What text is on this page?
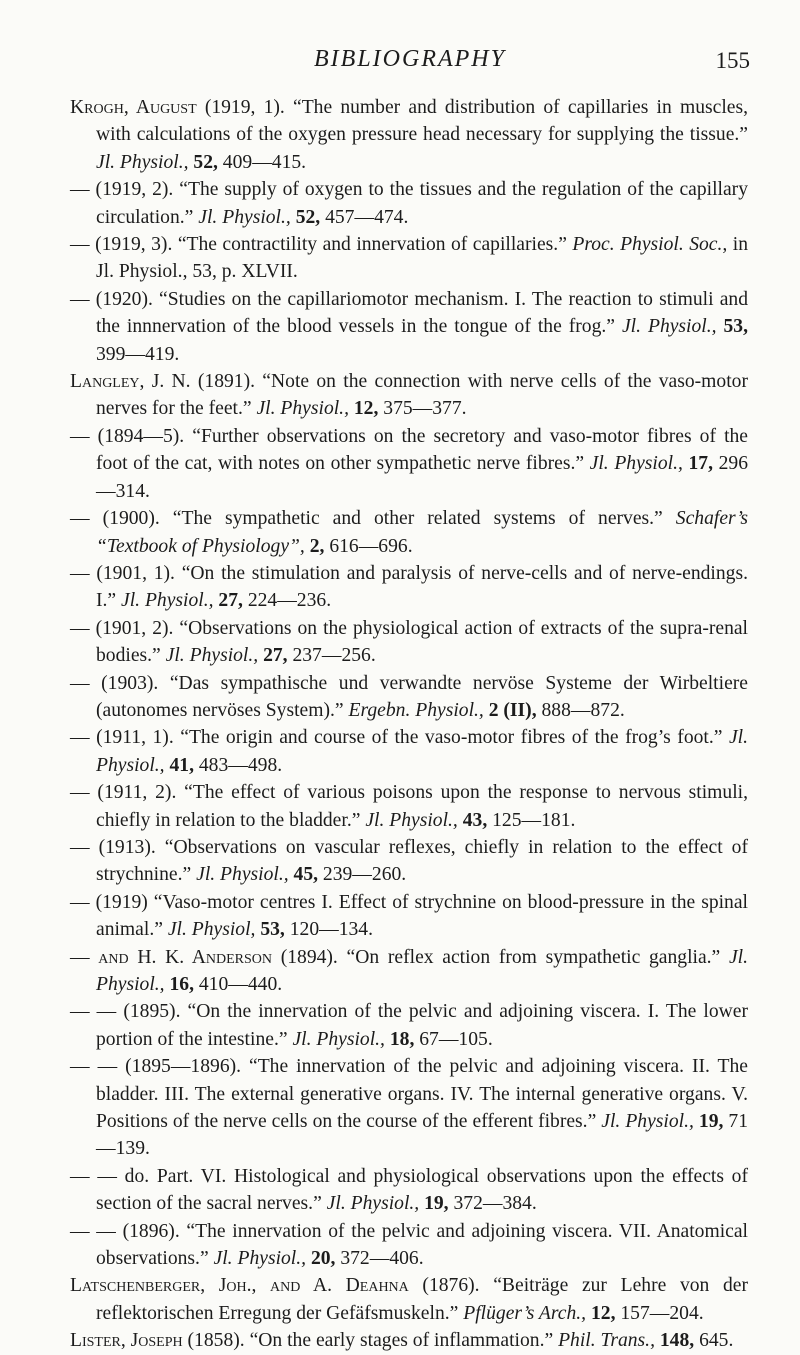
BIBLIOGRAPHY	155
Krogh, August (1919, 1). “The number and distribution of capillaries in muscles, with calculations of the oxygen pressure head necessary for supplying the tissue.” Jl. Physiol., 52, 409—415.
— (1919, 2). “The supply of oxygen to the tissues and the regulation of the capillary circulation.” Jl. Physiol., 52, 457—474.
— (1919, 3). “The contractility and innervation of capillaries.” Proc. Physiol. Soc., in Jl. Physiol., 53, p. XLVII.
— (1920). “Studies on the capillariomotor mechanism. I. The reaction to stimuli and the innnervation of the blood vessels in the tongue of the frog.” Jl. Physiol., 53, 399—419.
Langley, J. N. (1891). “Note on the connection with nerve cells of the vaso-motor nerves for the feet.” Jl. Physiol., 12, 375—377.
— (1894—5). “Further observations on the secretory and vaso-motor fibres of the foot of the cat, with notes on other sympathetic nerve fibres.” Jl. Physiol., 17, 296—314.
— (1900). “The sympathetic and other related systems of nerves.” Schafer’s “Textbook of Physiology”, 2, 616—696.
— (1901, 1). “On the stimulation and paralysis of nerve-cells and of nerve-endings. I.” Jl. Physiol., 27, 224—236.
— (1901, 2). “Observations on the physiological action of extracts of the supra-renal bodies.” Jl. Physiol., 27, 237—256.
— (1903). “Das sympathische und verwandte nervöse Systeme der Wirbeltiere (autonomes nervöses System).” Ergebn. Physiol., 2 (II), 888—872.
— (1911, 1). “The origin and course of the vaso-motor fibres of the frog’s foot.” Jl. Physiol., 41, 483—498.
— (1911, 2). “The effect of various poisons upon the response to nervous stimuli, chiefly in relation to the bladder.” Jl. Physiol., 43, 125—181.
— (1913). “Observations on vascular reflexes, chiefly in relation to the effect of strychnine.” Jl. Physiol., 45, 239—260.
— (1919) “Vaso-motor centres I. Effect of strychnine on blood-pressure in the spinal animal.” Jl. Physiol, 53, 120—134.
— and H. K. Anderson (1894). “On reflex action from sympathetic ganglia.” Jl. Physiol., 16, 410—440.
— — (1895). “On the innervation of the pelvic and adjoining viscera. I. The lower portion of the intestine.” Jl. Physiol., 18, 67—105.
— — (1895—1896). “The innervation of the pelvic and adjoining viscera. II. The bladder. III. The external generative organs. IV. The internal generative organs. V. Positions of the nerve cells on the course of the efferent fibres.” Jl. Physiol., 19, 71—139.
— — do. Part. VI. Histological and physiological observations upon the effects of section of the sacral nerves.” Jl. Physiol., 19, 372—384.
— — (1896). “The innervation of the pelvic and adjoining viscera. VII. Anatomical observations.” Jl. Physiol., 20, 372—406.
Latschenberger, Joh., and A. Deahna (1876). “Beiträge zur Lehre von der reflektorischen Erregung der Gefäfsmuskeln.” Pflüger’s Arch., 12, 157—204.
Lister, Joseph (1858). “On the early stages of inflammation.” Phil. Trans., 148, 645.
